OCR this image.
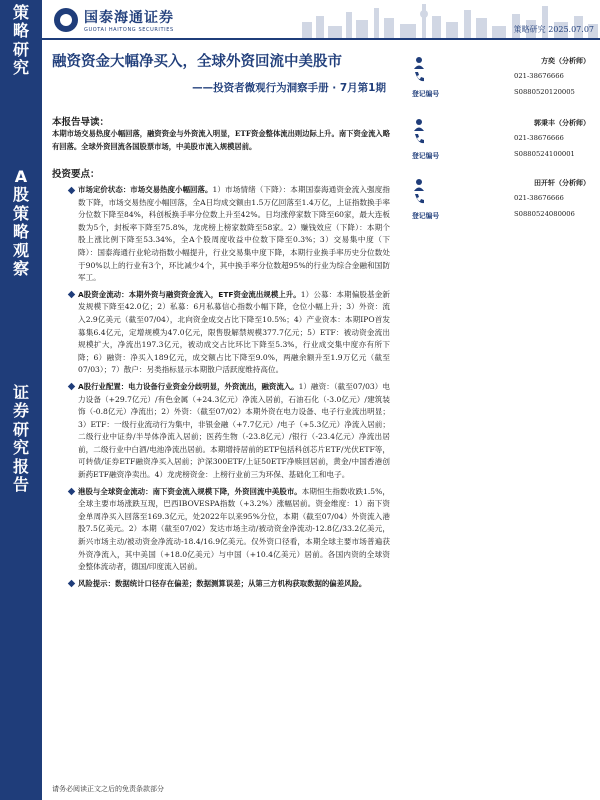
策
略
研
究
A
股
策
略
观
察
证
券
研
究
报
告
国泰海通证券
GUOTAI HAITONG SECURITIES	策略研究 2025.07.07
融资资金大幅净买入，全球外资回流中美股市
——投资者微观行为洞察手册 · 7月第1期
本报告导读：
本期市场交易热度小幅回落，融资资金与外资流入明显，ETF资金整体流出则边际上升。南下资金流入略有回落。全球外资回流各国股票市场，中美股市流入规模居前。
投资要点：
市场定价状态：市场交易热度小幅回落。1）市场情绪（下降）：本期国泰海通资金流入强度指数下降，市场交易热度小幅回落，全A日均成交额由1.5万亿回落至1.4万亿，上证指数换手率分位数下降至84%，科创板换手率分位数上升至42%。日均涨停家数下降至60家，最大连板数为5个，封板率下降至75.8%，龙虎榜上榜家数降至58家。2）赚钱效应（下降）：本期个股上涨比例下降至53.34%，全A个股周度收益中位数下降至0.3%；3）交易集中度（下降）：国泰海通行业轮动指数小幅提升，行业交易集中度下降，本期行业换手率历史分位数处于90%以上的行业有3个，环比减少4个，其中换手率分位数超95%的行业为综合金融和国防军工。
A股资金流动：本期外资与融资资金流入，ETF资金流出规模上升。1）公募：本期偏股基金新发规模下降至42.0亿；2）私募：6月私募信心指数小幅下降，仓位小幅上升；3）外资：流入2.9亿美元（截至07/04），北向资金成交占比下降至10.5%；4）产业资本：本期IPO首发募集6.4亿元，定增规模为47.0亿元，限售股解禁规模377.7亿元；5）ETF：被动资金流出规模扩大，净流出197.3亿元，被动成交占比环比下降至5.3%，行业成交集中度亦有所下降；6）融资：净买入189亿元，成交额占比下降至9.0%，两融余额升至1.9万亿元（截至07/03）；7）散户：另类指标显示本期散户活跃度维持高位。
A股行业配置：电力设备行业资金分歧明显，外资流出，融资流入。1）融资：（截至07/03）电力设备（+29.7亿元）/有色金属（+24.3亿元）净流入居前，石油石化（-3.0亿元）/建筑装饰（-0.8亿元）净流出；2）外资：（截至07/02）本期外资在电力设备、电子行业流出明显；3）ETF：一级行业流动行为集中，非银金融（+7.7亿元）/电子（+5.3亿元）净流入居前；二级行业中证券/半导体净流入居前；医药生物（-23.8亿元）/银行（-23.4亿元）净流出居前，二级行业中白酒/电池净流出居前。本期增持居前的ETF包括科创芯片ETF/光伏ETF等，可转债/证券ETF融资净买入居前；沪深300ETF/上证50ETF净赎回居前，黄金/中国香港创新药ETF融资净卖出。4）龙虎榜资金：上榜行业前三为环保、基础化工和电子。
港股与全球资金流动：南下资金流入规模下降，外资回流中美股市。本期恒生指数收跌1.5%，全球主要市场涨跌互现，巴西IBOVESPA指数（+3.2%）涨幅居前。资金维度：1）南下资金单周净买入回落至169.3亿元，处2022年以来95%分位，本期（截至07/04）外资流入港股7.5亿美元。2）本期（截至07/02）发达市场主动/被动资金净流动-12.8亿/33.2亿美元，新兴市场主动/被动资金净流动-18.4/16.9亿美元。仅外资口径看，本期全球主要市场普遍获外资净流入，其中美国（+18.0亿美元）与中国（+10.4亿美元）居前。各国内资的全球资金整体流动者，德国/印度流入居前。
风险提示：数据统计口径存在偏差；数据测算误差；从第三方机构获取数据的偏差风险。
方奕（分析师）
021-38676666
登记编号	S0880520120005
郭秉丰（分析师）
021-38676666
登记编号	S0880524100001
田开轩（分析师）
021-38676666
登记编号	S0880524080006
请务必阅读正文之后的免责条款部分
